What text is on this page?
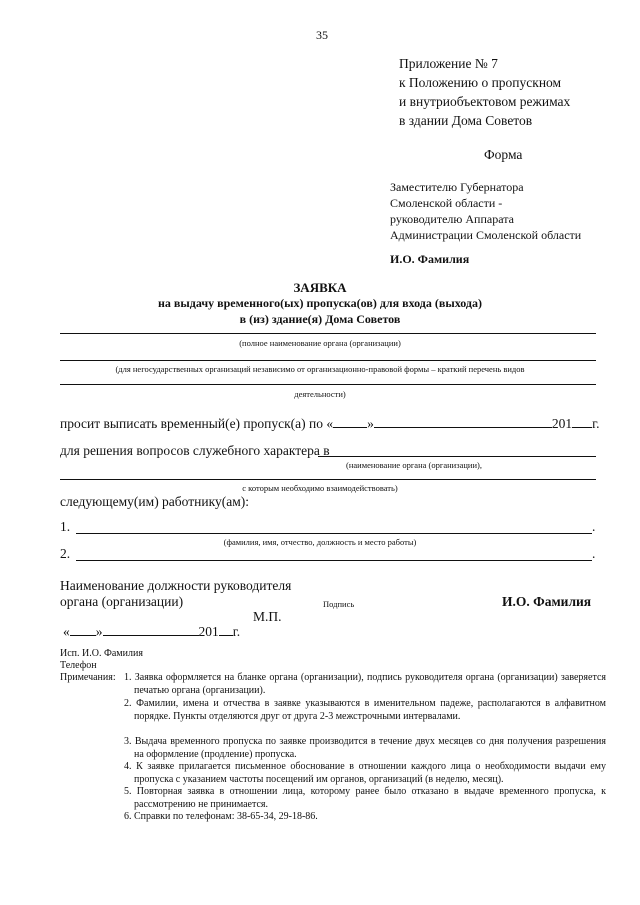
35
Приложение № 7
к Положению о пропускном
и внутриобъектовом режимах
в здании Дома Советов
Форма
Заместителю Губернатора
Смоленской области -
руководителю Аппарата
Администрации Смоленской области
И.О. Фамилия
ЗАЯВКА
на выдачу временного(ых) пропуска(ов) для входа (выхода)
в (из) здание(я) Дома Советов
(полное наименование органа (организации)
(для негосударственных организаций независимо от организационно-правовой формы – краткий перечень видов
деятельности)
просит выписать временный(е) пропуск(а) по «	»	201 г.
для решения вопросов служебного характера в
(наименование органа (организации),
с которым необходимо взаимодействовать)
следующему(им) работнику(ам):
1.	.
(фамилия, имя, отчество, должность и место работы)
2.	.
Наименование должности руководителя
органа (организации)	Подпись	И.О. Фамилия
М.П.
« »	201 г.
Исп. И.О. Фамилия
Телефон
Примечания: 1. Заявка оформляется на бланке органа (организации), подпись руководителя органа (организации) заверяется печатью органа (организации).
2. Фамилии, имена и отчества в заявке указываются в именительном падеже, располагаются в алфавитном порядке. Пункты отделяются друг от друга 2-3 межстрочными интервалами.
3. Выдача временного пропуска по заявке производится в течение двух месяцев со дня получения разрешения на оформление (продление) пропуска.
4. К заявке прилагается письменное обоснование в отношении каждого лица о необходимости выдачи ему пропуска с указанием частоты посещений им органов, организаций (в неделю, месяц).
5. Повторная заявка в отношении лица, которому ранее было отказано в выдаче временного пропуска, к рассмотрению не принимается.
6. Справки по телефонам: 38-65-34, 29-18-86.
